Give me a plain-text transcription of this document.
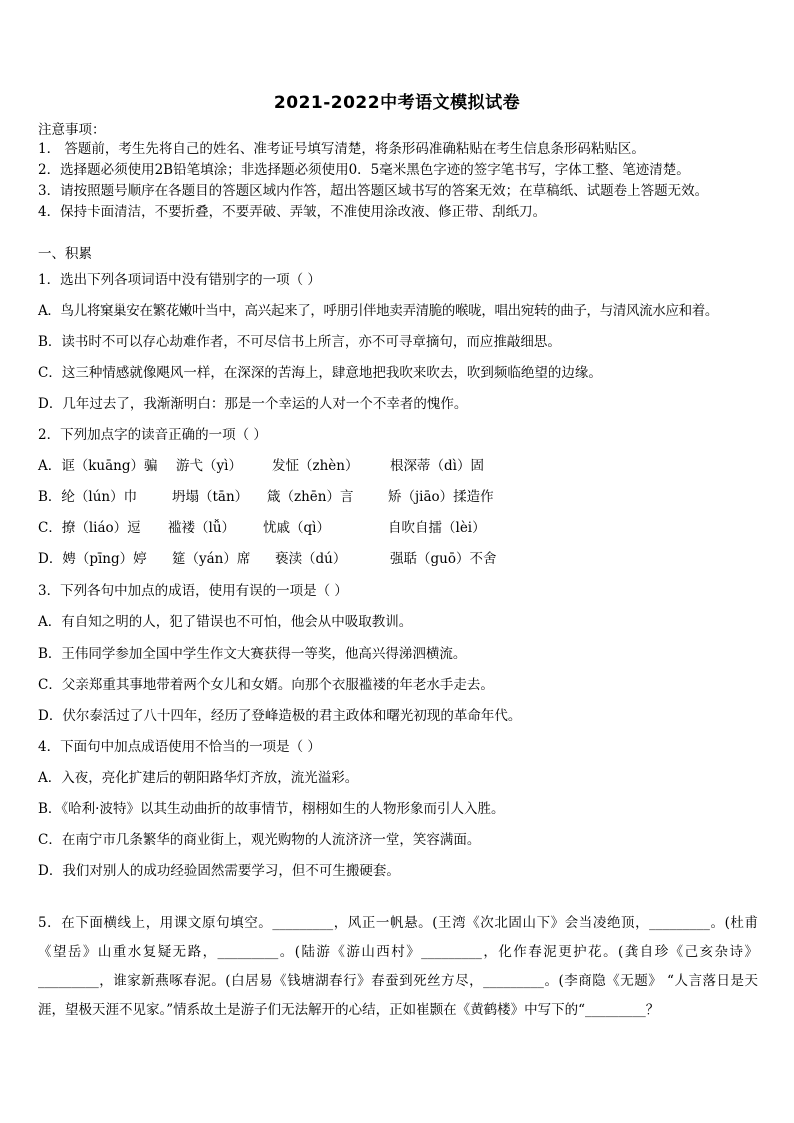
2021-2022中考语文模拟试卷
注意事项：
1． 答题前，考生先将自己的姓名、准考证号填写清楚，将条形码准确粘贴在考生信息条形码粘贴区。
2．选择题必须使用2B铅笔填涂；非选择题必须使用0．5毫米黑色字迹的签字笔书写，字体工整、笔迹清楚。
3．请按照题号顺序在各题目的答题区域内作答，超出答题区域书写的答案无效；在草稿纸、试题卷上答题无效。
4．保持卡面清洁，不要折叠，不要弄破、弄皱，不准使用涂改液、修正带、刮纸刀。
一、积累
1．选出下列各项词语中没有错别字的一项（ ）
A．鸟儿将窠巢安在繁花嫩叶当中，高兴起来了，呼朋引伴地卖弄清脆的喉咙，唱出宛转的曲子，与清风流水应和着。
B．读书时不可以存心劫难作者，不可尽信书上所言，亦不可寻章摘句，而应推敲细思。
C．这三种情感就像飓风一样，在深深的苦海上，肆意地把我吹来吹去，吹到频临绝望的边缘。
D．几年过去了，我渐渐明白：那是一个幸运的人对一个不幸者的愧作。
2．下列加点字的读音正确的一项（ ）
A．诓（kuāng）骗 游弋（yì） 发怔（zhèn） 根深蒂（dì）固
B．纶（lún）巾	坍塌（tān） 箴（zhēn）言	矫（jiāo）揉造作
C．撩（liáo）逗 褴褛（lǚ） 忧戚（qì）	自吹自擂（lèi）
D．娉（pīng）婷 筵（yán）席 亵渎（dú）	强聒（guō）不舍
3．下列各句中加点的成语，使用有误的一项是（ ）
A．有自知之明的人，犯了错误也不可怕，他会从中吸取教训。
B．王伟同学参加全国中学生作文大赛获得一等奖，他高兴得涕泗横流。
C．父亲郑重其事地带着两个女儿和女婿。向那个衣服褴褛的年老水手走去。
D．伏尔泰活过了八十四年，经历了登峰造极的君主政体和曙光初现的革命年代。
4．下面句中加点成语使用不恰当的一项是（ ）
A．入夜，亮化扩建后的朝阳路华灯齐放，流光溢彩。
B．《哈利·波特》以其生动曲折的故事情节，栩栩如生的人物形象而引人入胜。
C．在南宁市几条繁华的商业街上，观光购物的人流济济一堂，笑容满面。
D．我们对别人的成功经验固然需要学习，但不可生搬硬套。
5．在下面横线上，用课文原句填空。_________，风正一帆悬。(王湾《次北固山下》会当凌绝顶，_________。(杜甫《望岳》山重水复疑无路，_________。(陆游《游山西村》_________，化作春泥更护花。(龚自珍《己亥杂诗》_________，谁家新燕啄春泥。(白居易《钱塘湖春行》春蚕到死丝方尽，_________。(李商隐《无题》 “人言落日是天涯，望极天涯不见家。”情系故土是游子们无法解开的心结，正如崔颢在《黄鹤楼》中写下的“_________？
